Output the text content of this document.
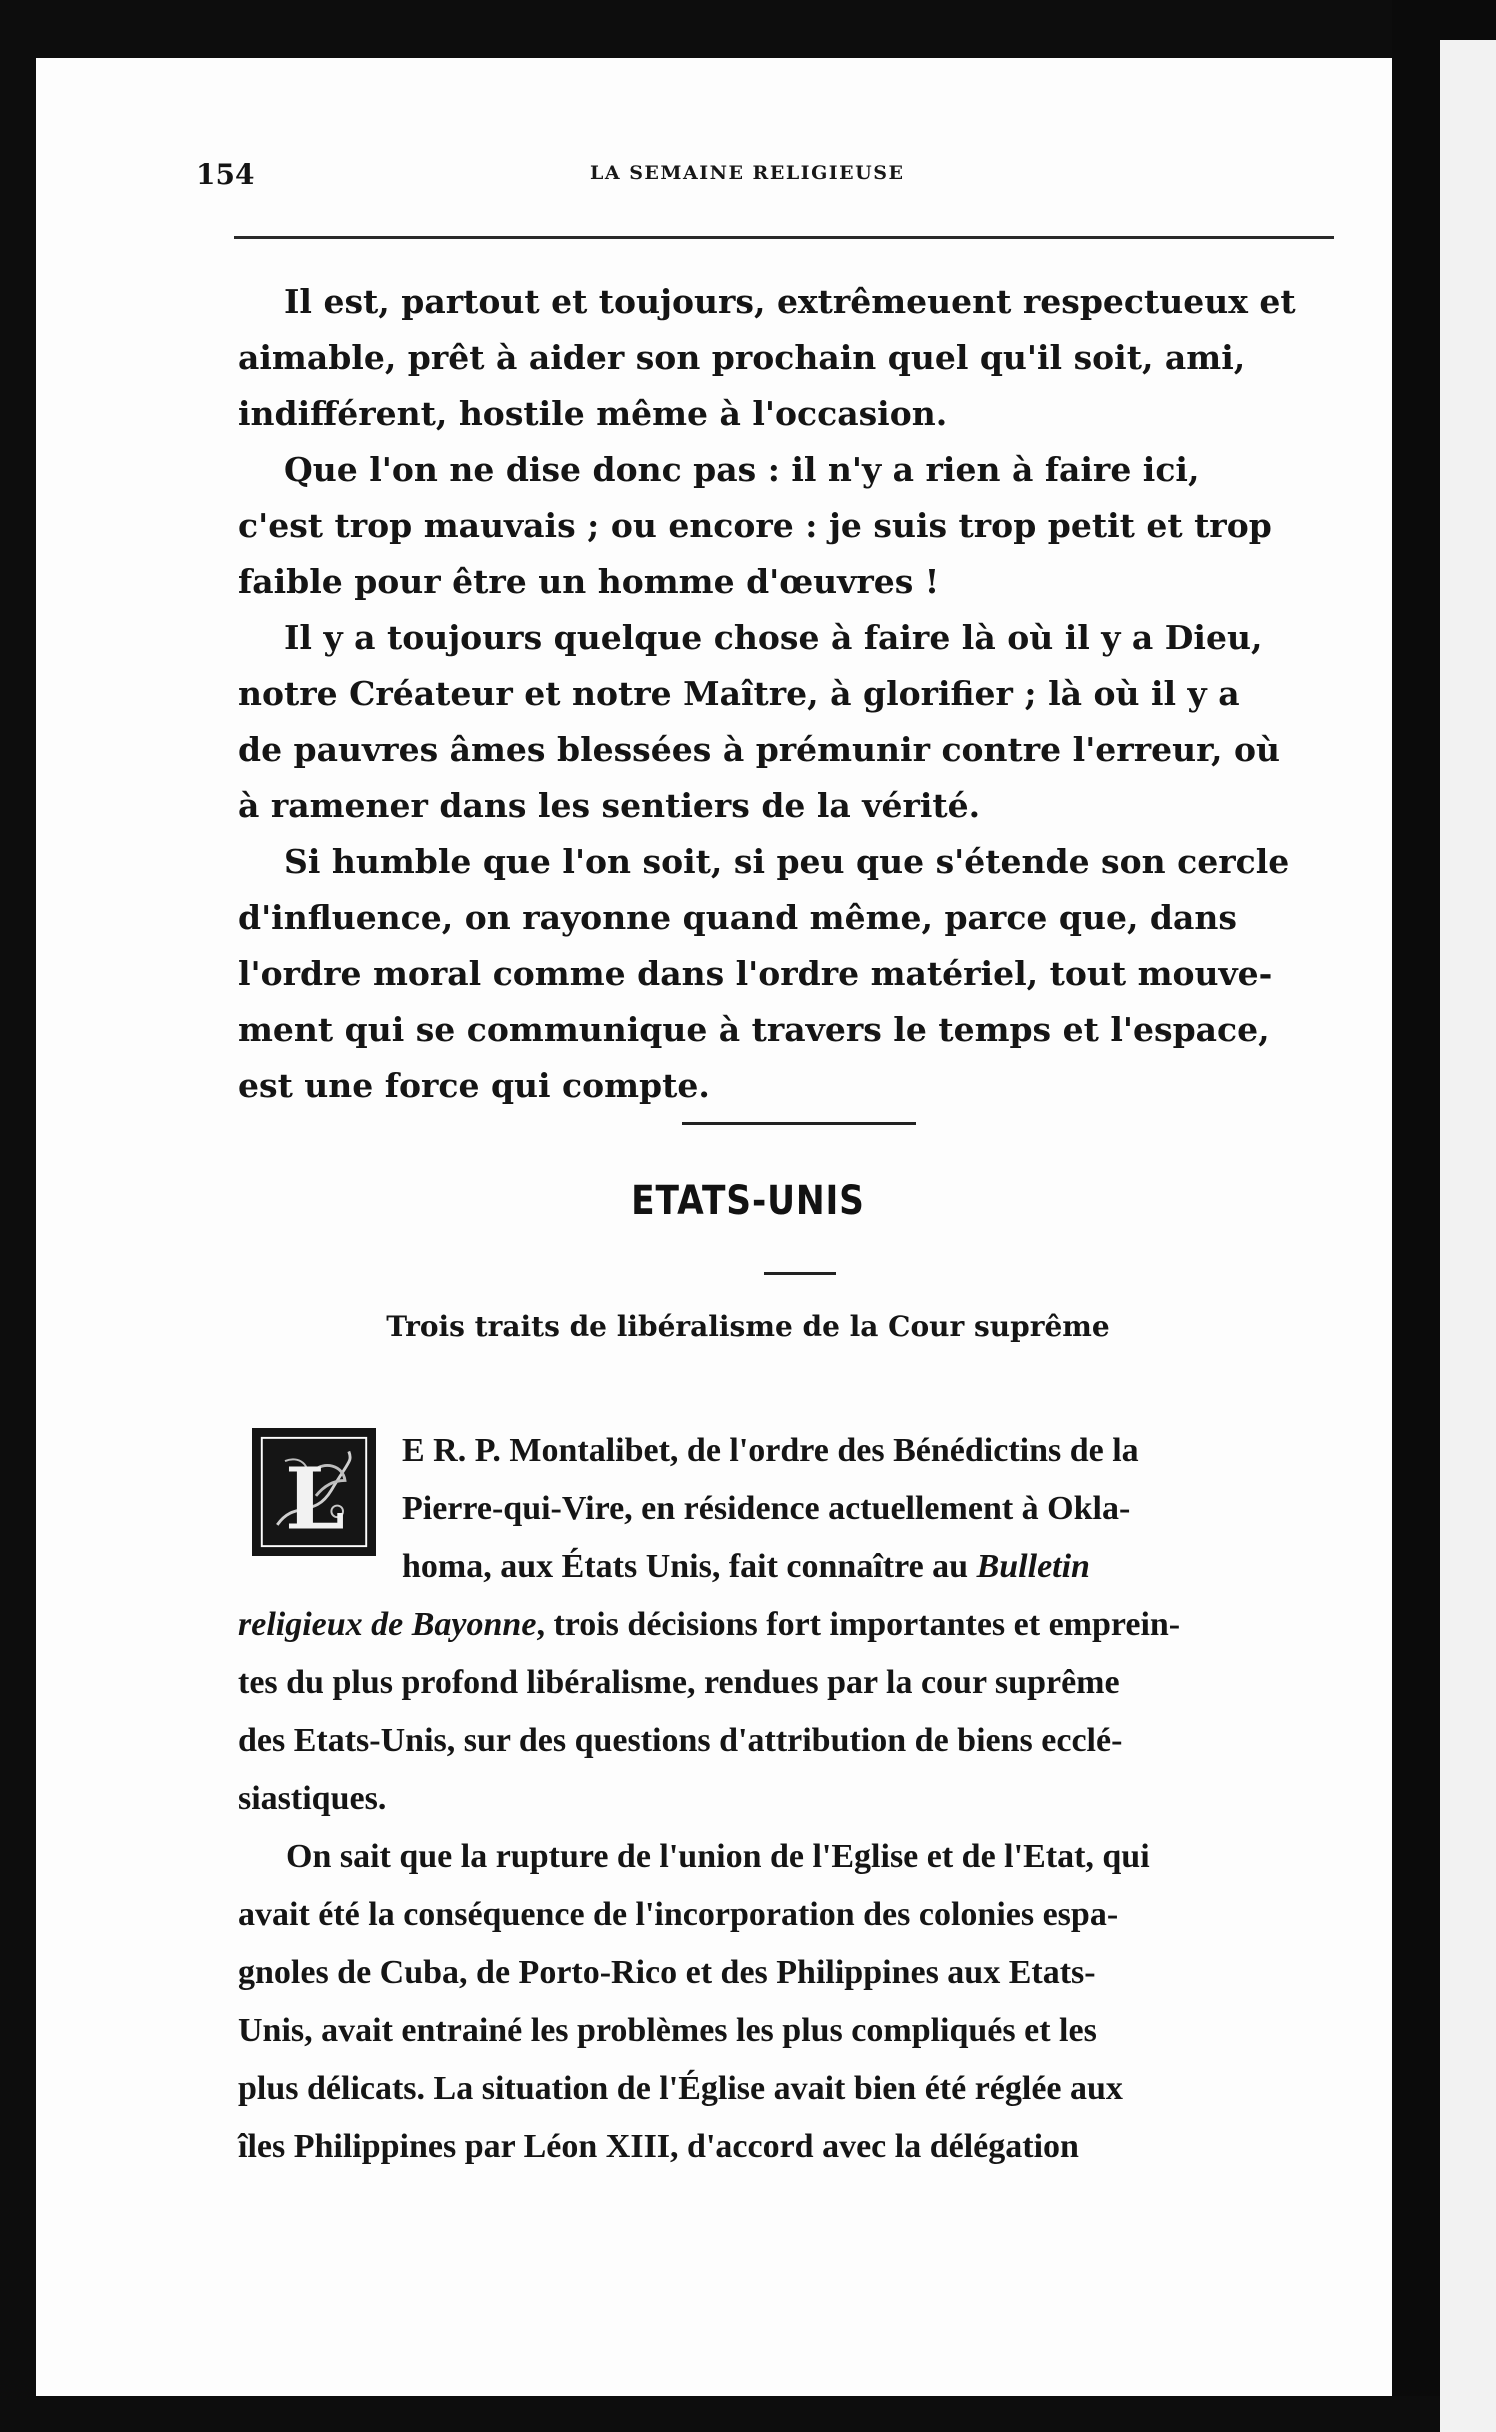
154	LA SEMAINE RELIGIEUSE

Il est, partout et toujours, extrêmeuent respectueux et
aimable, prêt à aider son prochain quel qu'il soit, ami,
indifférent, hostile même à l'occasion.

Que l'on ne dise donc pas : il n'y a rien à faire ici,
c'est trop mauvais ; ou encore : je suis trop petit et trop
faible pour être un homme d'œuvres !

Il y a toujours quelque chose à faire là où il y a Dieu,
notre Créateur et notre Maître, à glorifier ; là où il y a
de pauvres âmes blessées à prémunir contre l'erreur, où
à ramener dans les sentiers de la vérité.

Si humble que l'on soit, si peu que s'étende son cercle
d'influence, on rayonne quand même, parce que, dans
l'ordre moral comme dans l'ordre matériel, tout mouve-
ment qui se communique à travers le temps et l'espace,
est une force qui compte.

ETATS-UNIS
Trois traits de libéralisme de la Cour suprême
L	E R. P. Montalibet, de l'ordre des Bénédictins de la
Pierre-qui-Vire, en résidence actuellement à Okla-
homa, aux États Unis, fait connaître au Bulletin
religieux de Bayonne, trois décisions fort importantes et emprein-
tes du plus profond libéralisme, rendues par la cour suprême
des Etats-Unis, sur des questions d'attribution de biens ecclé-
siastiques.
On sait que la rupture de l'union de l'Eglise et de l'Etat, qui
avait été la conséquence de l'incorporation des colonies espa-
gnoles de Cuba, de Porto-Rico et des Philippines aux Etats-
Unis, avait entrainé les problèmes les plus compliqués et les
plus délicats. La situation de l'Église avait bien été réglée aux
îles Philippines par Léon XIII, d'accord avec la délégation
